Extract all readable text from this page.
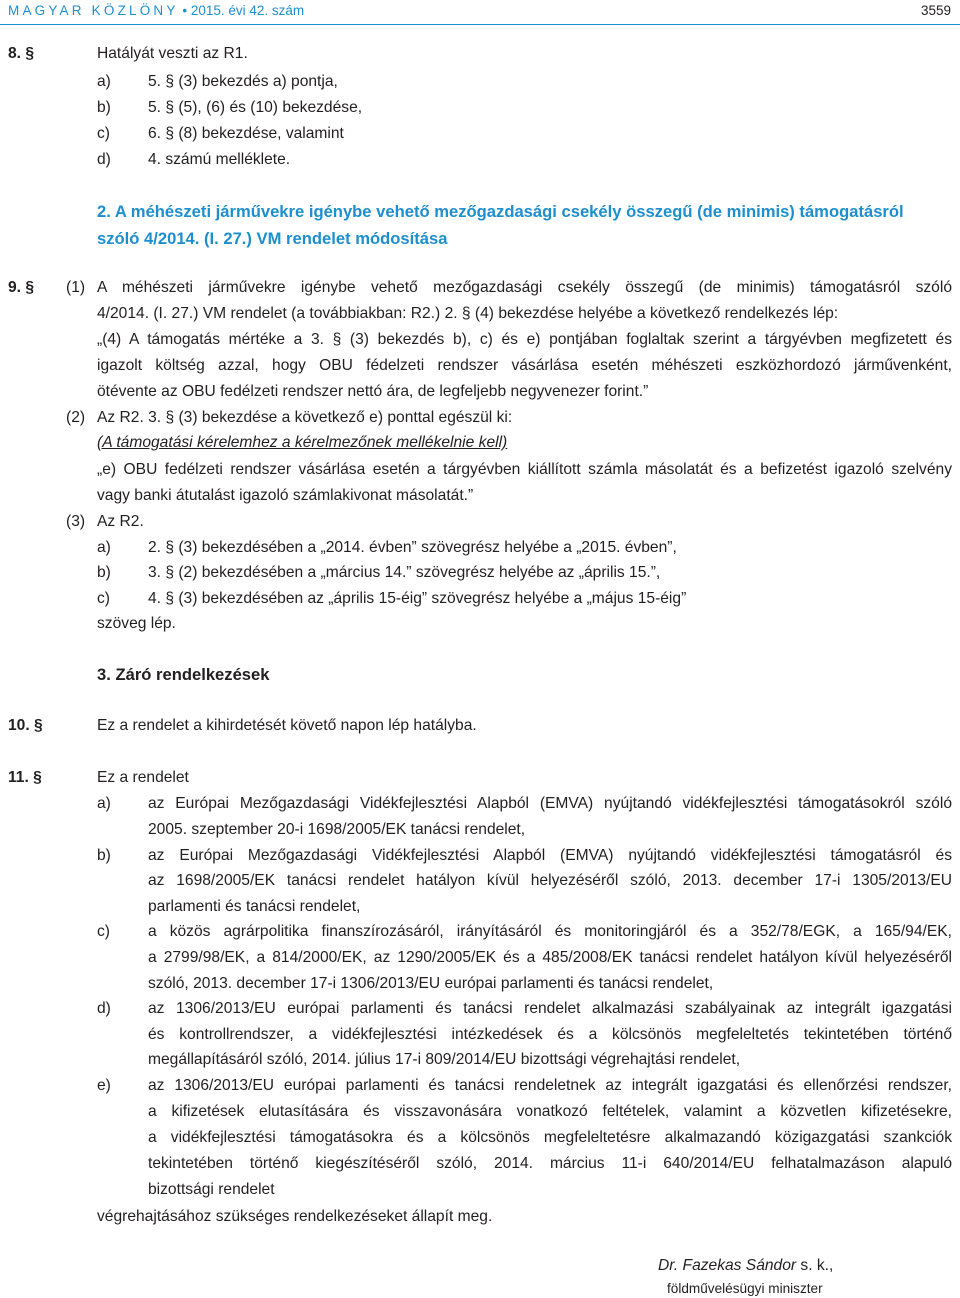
MAGYAR KÖZLÖNY • 2015. évi 42. szám	3559
8. §	Hatályát veszti az R1.
a) 5. § (3) bekezdés a) pontja,
b) 5. § (5), (6) és (10) bekezdése,
c) 6. § (8) bekezdése, valamint
d) 4. számú melléklete.
2. A méhészeti járművekre igénybe vehető mezőgazdasági csekély összegű (de minimis) támogatásról
szóló 4/2014. (I. 27.) VM rendelet módosítása
9. § (1) A méhészeti járművekre igénybe vehető mezőgazdasági csekély összegű (de minimis) támogatásról szóló
4/2014. (I. 27.) VM rendelet (a továbbiakban: R2.) 2. § (4) bekezdése helyébe a következő rendelkezés lép:
„(4) A támogatás mértéke a 3. § (3) bekezdés b), c) és e) pontjában foglaltak szerint a tárgyévben megfizetett és
igazolt költség azzal, hogy OBU fédelzeti rendszer vásárlása esetén méhészeti eszközhordozó járművenként,
ötévente az OBU fedélzeti rendszer nettó ára, de legfeljebb negyvenezer forint.”
(2) Az R2. 3. § (3) bekezdése a következő e) ponttal egészül ki:
(A támogatási kérelemhez a kérelmezőnek mellékelnie kell)
„e) OBU fedélzeti rendszer vásárlása esetén a tárgyévben kiállított számla másolatát és a befizetést igazoló szelvény
vagy banki átutalást igazoló számlakivonat másolatát.”
(3) Az R2.
a) 2. § (3) bekezdésében a „2014. évben” szövegrész helyébe a „2015. évben”,
b) 3. § (2) bekezdésében a „március 14.” szövegrész helyébe az „április 15.”,
c) 4. § (3) bekezdésében az „április 15-éig” szövegrész helyébe a „május 15-éig”
szöveg lép.
3. Záró rendelkezések
10. §	Ez a rendelet a kihirdetését követő napon lép hatályba.
11. §	Ez a rendelet
a) az Európai Mezőgazdasági Vidékfejlesztési Alapból (EMVA) nyújtandó vidékfejlesztési támogatásokról szóló
2005. szeptember 20-i 1698/2005/EK tanácsi rendelet,
b) az Európai Mezőgazdasági Vidékfejlesztési Alapból (EMVA) nyújtandó vidékfejlesztési támogatásról és
az 1698/2005/EK tanácsi rendelet hatályon kívül helyezéséről szóló, 2013. december 17-i 1305/2013/EU
parlamenti és tanácsi rendelet,
c) a közös agrárpolitika finanszírozásáról, irányításáról és monitoringjáról és a 352/78/EGK, a 165/94/EK,
a 2799/98/EK, a 814/2000/EK, az 1290/2005/EK és a 485/2008/EK tanácsi rendelet hatályon kívül helyezéséről
szóló, 2013. december 17-i 1306/2013/EU európai parlamenti és tanácsi rendelet,
d) az 1306/2013/EU európai parlamenti és tanácsi rendelet alkalmazási szabályainak az integrált igazgatási
és kontrollrendszer, a vidékfejlesztési intézkedések és a kölcsönös megfeleltetés tekintetében történő
megállapításáról szóló, 2014. július 17-i 809/2014/EU bizottsági végrehajtási rendelet,
e) az 1306/2013/EU európai parlamenti és tanácsi rendeletnek az integrált igazgatási és ellenőrzési rendszer,
a kifizetések elutasítására és visszavonására vonatkozó feltételek, valamint a közvetlen kifizetésekre,
a vidékfejlesztési támogatásokra és a kölcsönös megfeleltetésre alkalmazandó közigazgatási szankciók
tekintetében történő kiegészítéséről szóló, 2014. március 11-i 640/2014/EU felhatalmazáson alapuló
bizottsági rendelet
végrehajtásához szükséges rendelkezéseket állapít meg.
Dr. Fazekas Sándor s. k.,
földművelésügyi miniszter
